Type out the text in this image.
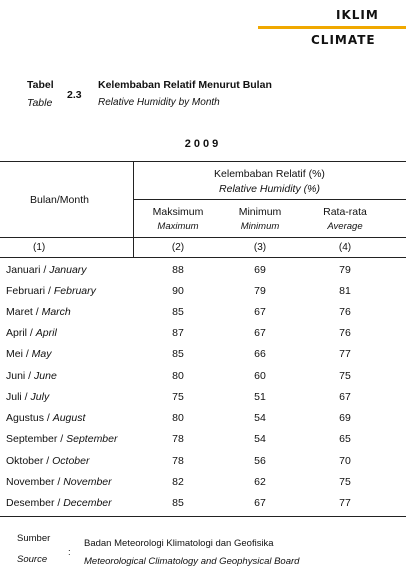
IKLIM
CLIMATE
Tabel
Table
2.3
Kelembaban Relatif Menurut Bulan
Relative Humidity by Month
2009
Bulan/Month
Kelembaban Relatif (%)
Relative Humidity (%)
Maksimum
Maximum
Minimum
Minimum
Rata-rata
Average
(1)	(2)	(3)	(4)
Januari / January	88	69	79
Februari / February	90	79	81
Maret / March	85	67	76
April / April	87	67	76
Mei / May	85	66	77
Juni / June	80	60	75
Juli / July	75	51	67
Agustus / August	80	54	69
September / September	78	54	65
Oktober / October	78	56	70
November / November	82	62	75
Desember / December	85	67	77
Sumber
Source
:
Badan Meteorologi Klimatologi dan Geofisika
Meteorological Climatology and Geophysical Board
